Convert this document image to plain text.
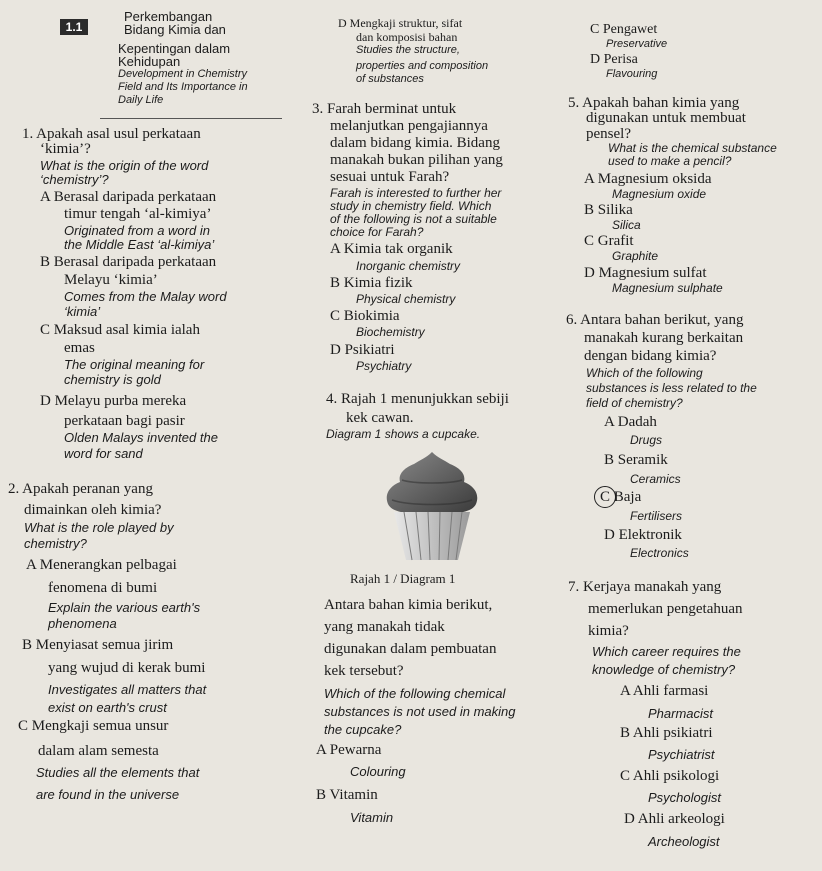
1.1
Perkembangan
Bidang Kimia dan
Kepentingan dalam
Kehidupan
Development in Chemistry
Field and Its Importance in
Daily Life
1. Apakah asal usul perkataan
‘kimia’?
What is the origin of the word
‘chemistry’?
A Berasal daripada perkataan
timur tengah ‘al-kimiya’
Originated from a word in
the Middle East ‘al-kimiya’
B Berasal daripada perkataan
Melayu ‘kimia’
Comes from the Malay word
‘kimia’
C Maksud asal kimia ialah
emas
The original meaning for
chemistry is gold
D Melayu purba mereka
perkataan bagi pasir
Olden Malays invented the
word for sand
2. Apakah peranan yang
dimainkan oleh kimia?
What is the role played by
chemistry?
A Menerangkan pelbagai
fenomena di bumi
Explain the various earth's
phenomena
B Menyiasat semua jirim
yang wujud di kerak bumi
Investigates all matters that
exist on earth's crust
C Mengkaji semua unsur
dalam alam semesta
Studies all the elements that
are found in the universe
D Mengkaji struktur, sifat
dan komposisi bahan
Studies the structure,
properties and composition
of substances
3. Farah berminat untuk
melanjutkan pengajiannya
dalam bidang kimia. Bidang
manakah bukan pilihan yang
sesuai untuk Farah?
Farah is interested to further her
study in chemistry field. Which
of the following is not a suitable
choice for Farah?
A Kimia tak organik
Inorganic chemistry
B Kimia fizik
Physical chemistry
C Biokimia
Biochemistry
D Psikiatri
Psychiatry
4. Rajah 1 menunjukkan sebiji
kek cawan.
Diagram 1 shows a cupcake.
Rajah 1 / Diagram 1
Antara bahan kimia berikut,
yang manakah tidak
digunakan dalam pembuatan
kek tersebut?
Which of the following chemical
substances is not used in making
the cupcake?
A Pewarna
Colouring
B Vitamin
Vitamin
C Pengawet
Preservative
D Perisa
Flavouring
5. Apakah bahan kimia yang
digunakan untuk membuat
pensel?
What is the chemical substance
used to make a pencil?
A Magnesium oksida
Magnesium oxide
B Silika
Silica
C Grafit
Graphite
D Magnesium sulfat
Magnesium sulphate
6. Antara bahan berikut, yang
manakah kurang berkaitan
dengan bidang kimia?
Which of the following
substances is less related to the
field of chemistry?
A Dadah
Drugs
B Seramik
Ceramics
C Baja
Fertilisers
D Elektronik
Electronics
7. Kerjaya manakah yang
memerlukan pengetahuan
kimia?
Which career requires the
knowledge of chemistry?
A Ahli farmasi
Pharmacist
B Ahli psikiatri
Psychiatrist
C Ahli psikologi
Psychologist
D Ahli arkeologi
Archeologist
